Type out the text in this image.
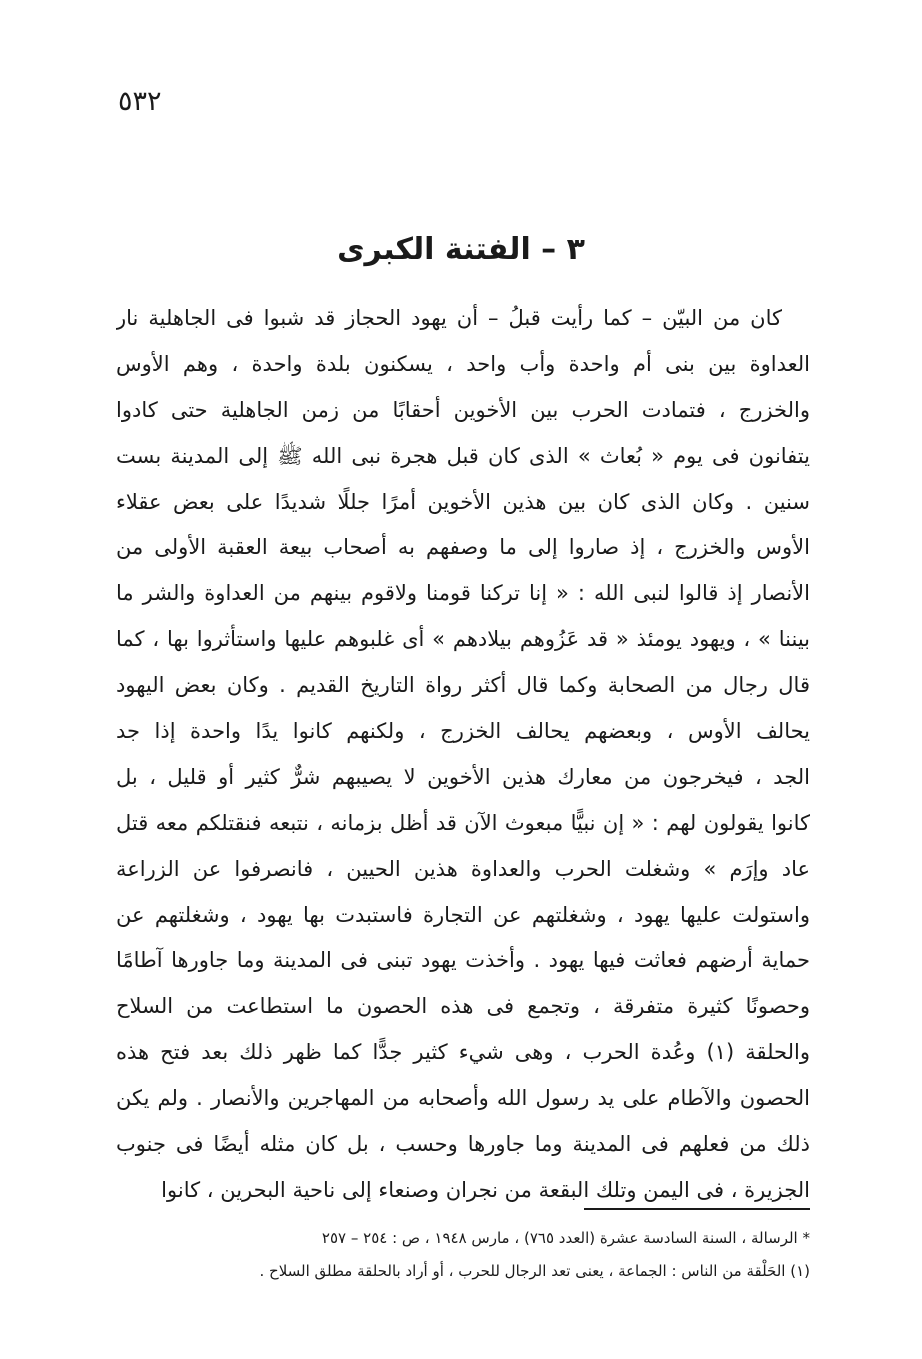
٥٣٢
٣ – الفتنة الكبرى
كان من البيّن – كما رأيت قبلُ – أن يهود الحجاز قد شبوا فى الجاهلية نار
العداوة بين بنى أم واحدة وأب واحد ، يسكنون بلدة واحدة ، وهم الأوس
والخزرج ، فتمادت الحرب بين الأخوين أحقابًا من زمن الجاهلية حتى كادوا
يتفانون فى يوم « بُعاث » الذى كان قبل هجرة نبى الله ﷺ إلى المدينة بست
سنين . وكان الذى كان بين هذين الأخوين أمرًا جللًا شديدًا على بعض عقلاء
الأوس والخزرج ، إذ صاروا إلى ما وصفهم به أصحاب بيعة العقبة الأولى من
الأنصار إذ قالوا لنبى الله : « إنا تركنا قومنا ولاقوم بينهم من العداوة والشر ما
بيننا » ، ويهود يومئذ « قد عَزُوهم بيلادهم » أى غلبوهم عليها واستأثروا بها ، كما
قال رجال من الصحابة وكما قال أكثر رواة التاريخ القديم . وكان بعض اليهود
يحالف الأوس ، وبعضهم يحالف الخزرج ، ولكنهم كانوا يدًا واحدة إذا جد
الجد ، فيخرجون من معارك هذين الأخوين لا يصيبهم شرٌّ كثير أو قليل ، بل
كانوا يقولون لهم : « إن نبيًّا مبعوث الآن قد أظل بزمانه ، نتبعه فنقتلكم معه قتل
عاد وإرَم » وشغلت الحرب والعداوة هذين الحيين ، فانصرفوا عن الزراعة
واستولت عليها يهود ، وشغلتهم عن التجارة فاستبدت بها يهود ، وشغلتهم عن
حماية أرضهم فعاثت فيها يهود . وأخذت يهود تبنى فى المدينة وما جاورها آطامًا
وحصونًا كثيرة متفرقة ، وتجمع فى هذه الحصون ما استطاعت من السلاح
والحلقة (١) وعُدة الحرب ، وهى شيء كثير جدًّا كما ظهر ذلك بعد فتح هذه
الحصون والآطام على يد رسول الله وأصحابه من المهاجرين والأنصار . ولم يكن
ذلك من فعلهم فى المدينة وما جاورها وحسب ، بل كان مثله أيضًا فى جنوب
الجزيرة ، فى اليمن وتلك البقعة من نجران وصنعاء إلى ناحية البحرين ، كانوا
* الرسالة ، السنة السادسة عشرة (العدد ٧٦٥) ، مارس ١٩٤٨ ، ص : ٢٥٤ – ٢٥٧
(١) الحَلْقة من الناس : الجماعة ، يعنى تعد الرجال للحرب ، أو أراد بالحلقة مطلق السلاح .
